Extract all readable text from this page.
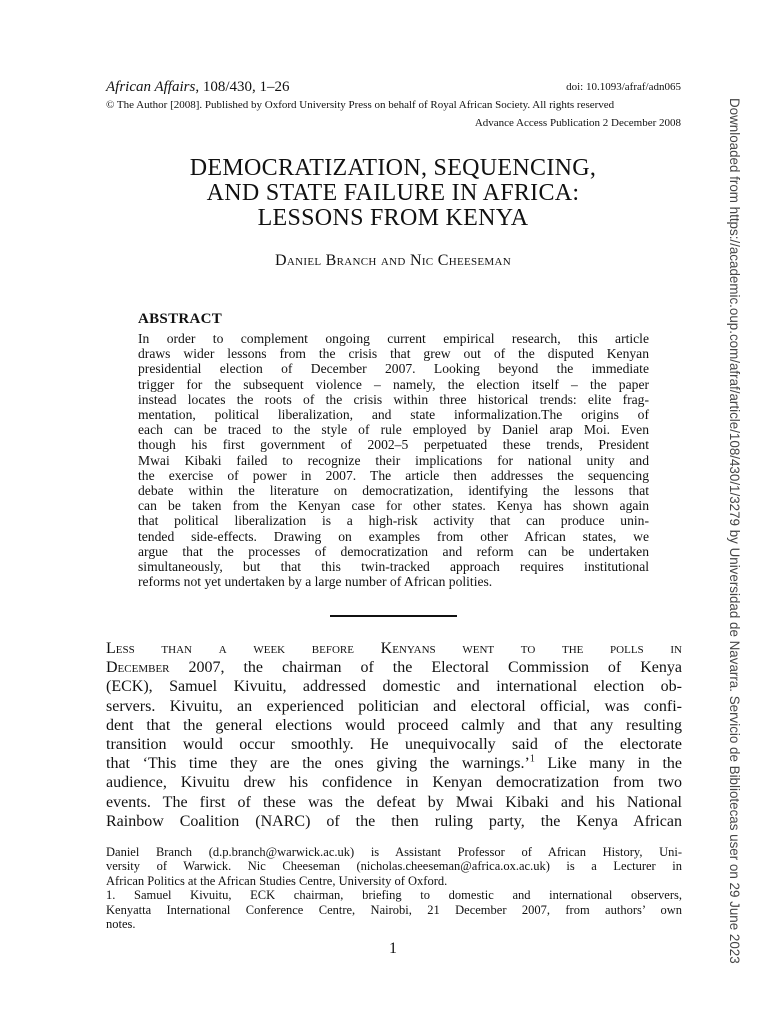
African Affairs, 108/430, 1–26	doi: 10.1093/afraf/adn065
© The Author [2008]. Published by Oxford University Press on behalf of Royal African Society. All rights reserved
Advance Access Publication 2 December 2008
DEMOCRATIZATION, SEQUENCING,
AND STATE FAILURE IN AFRICA:
LESSONS FROM KENYA
Daniel Branch and Nic Cheeseman
ABSTRACT
In order to complement ongoing current empirical research, this article
draws wider lessons from the crisis that grew out of the disputed Kenyan
presidential election of December 2007. Looking beyond the immediate
trigger for the subsequent violence – namely, the election itself – the paper
instead locates the roots of the crisis within three historical trends: elite frag-
mentation, political liberalization, and state informalization.The origins of
each can be traced to the style of rule employed by Daniel arap Moi. Even
though his first government of 2002–5 perpetuated these trends, President
Mwai Kibaki failed to recognize their implications for national unity and
the exercise of power in 2007. The article then addresses the sequencing
debate within the literature on democratization, identifying the lessons that
can be taken from the Kenyan case for other states. Kenya has shown again
that political liberalization is a high-risk activity that can produce unin-
tended side-effects. Drawing on examples from other African states, we
argue that the processes of democratization and reform can be undertaken
simultaneously, but that this twin-tracked approach requires institutional
reforms not yet undertaken by a large number of African polities.
Less than a week before Kenyans went to the polls in
December 2007, the chairman of the Electoral Commission of Kenya
(ECK), Samuel Kivuitu, addressed domestic and international election ob-
servers. Kivuitu, an experienced politician and electoral official, was confi-
dent that the general elections would proceed calmly and that any resulting
transition would occur smoothly. He unequivocally said of the electorate
that ‘This time they are the ones giving the warnings.’$^1$ Like many in the
audience, Kivuitu drew his confidence in Kenyan democratization from two
events. The first of these was the defeat by Mwai Kibaki and his National
Rainbow Coalition (NARC) of the then ruling party, the Kenya African
Daniel Branch (d.p.branch@warwick.ac.uk) is Assistant Professor of African History, Uni-
versity of Warwick. Nic Cheeseman (nicholas.cheeseman@africa.ox.ac.uk) is a Lecturer in
African Politics at the African Studies Centre, University of Oxford.
1. Samuel Kivuitu, ECK chairman, briefing to domestic and international observers,
Kenyatta International Conference Centre, Nairobi, 21 December 2007, from authors’ own
notes.
1	Downloaded from https://academic.oup.com/afraf/article/108/430/1/3279 by Universidad de Navarra. Servicio de Bibliotecas user on 29 June 2023
